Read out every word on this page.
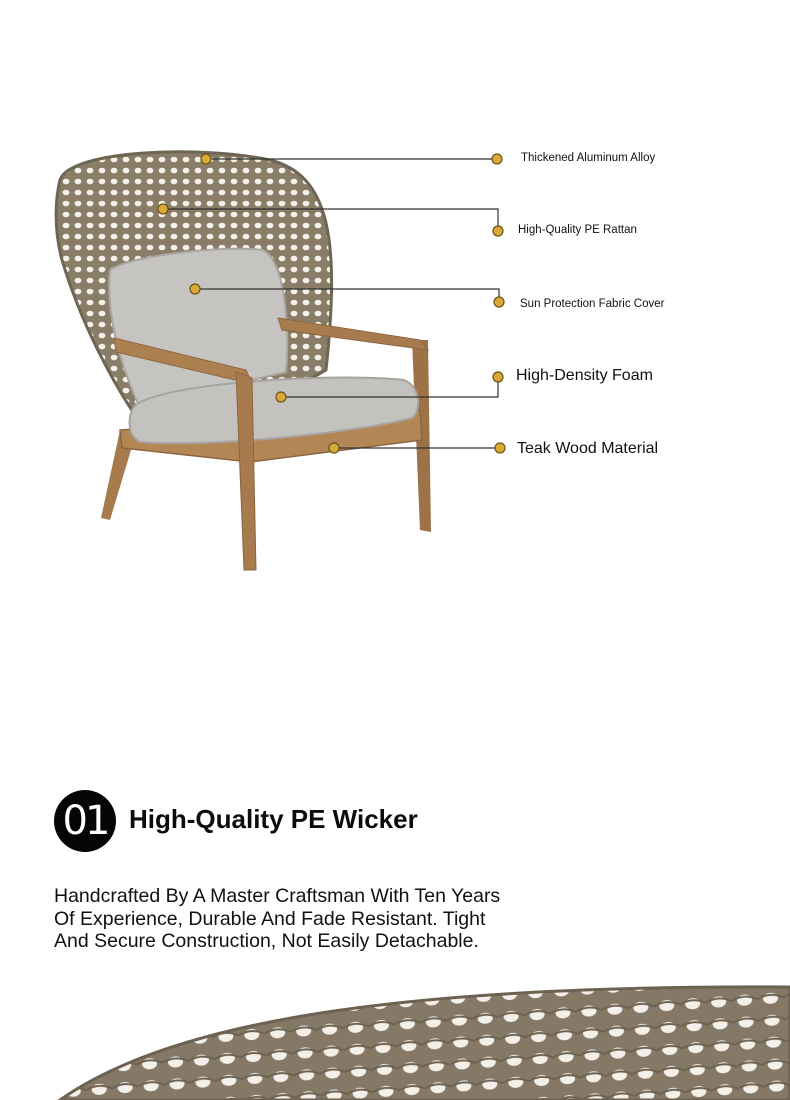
Thickened Aluminum Alloy
High-Quality PE Rattan
Sun Protection Fabric Cover
High-Density Foam
Teak Wood Material
01 High-Quality PE Wicker
Handcrafted By A Master Craftsman With Ten Years
Of Experience, Durable And Fade Resistant. Tight
And Secure Construction, Not Easily Detachable.
